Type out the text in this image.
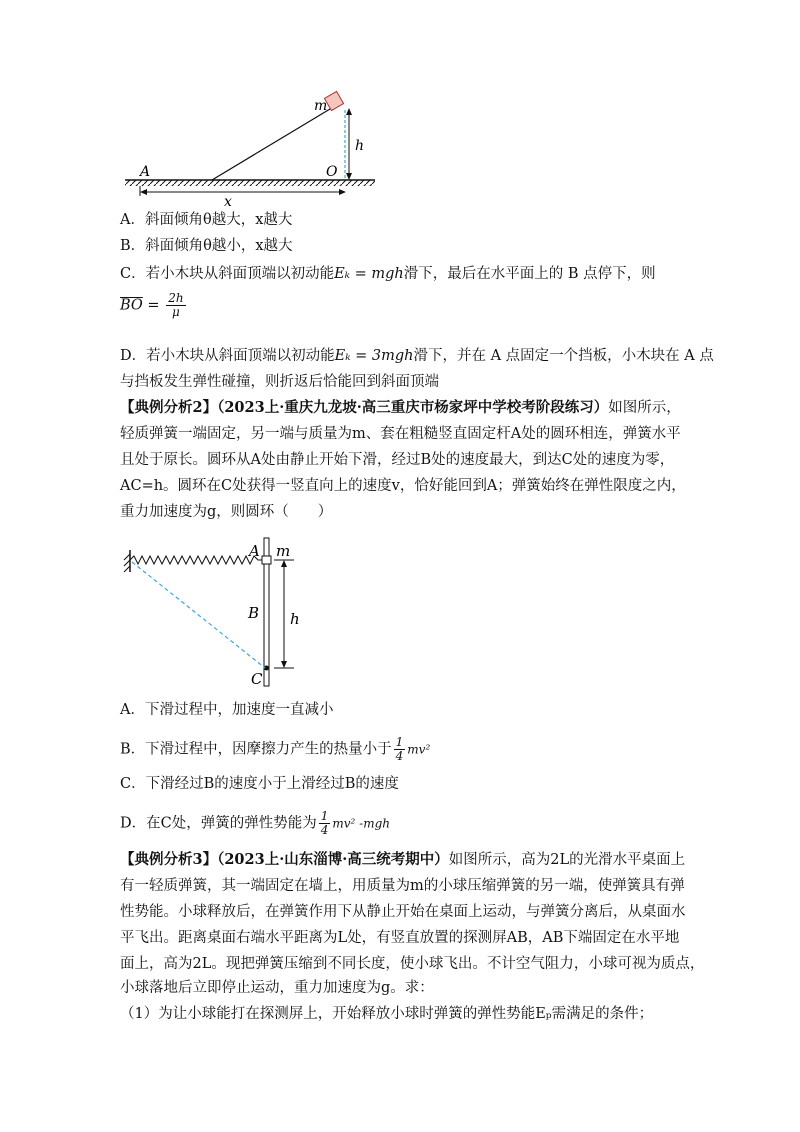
m
h
A	O
x
A．斜面倾角θ越大，x越大
B．斜面倾角θ越小，x越大
C．若小木块从斜面顶端以初动能Eₖ = mgh滑下，最后在水平面上的 B 点停下，则
$\overline{BO} = \frac{2h}{\mu}$
D．若小木块从斜面顶端以初动能Eₖ = 3mgh滑下，并在 A 点固定一个挡板，小木块在 A 点
与挡板发生弹性碰撞，则折返后恰能回到斜面顶端
【典例分析2】（2023上·重庆九龙坡·高三重庆市杨家坪中学校考阶段练习）如图所示，
轻质弹簧一端固定，另一端与质量为m、套在粗糙竖直固定杆A处的圆环相连，弹簧水平
且处于原长。圆环从A处由静止开始下滑，经过B处的速度最大，到达C处的速度为零，
AC=h。圆环在C处获得一竖直向上的速度v，恰好能回到A；弹簧始终在弹性限度之内，
重力加速度为g，则圆环（　　）
A m
B h
C
A．下滑过程中，加速度一直减小
B．下滑过程中，因摩擦力产生的热量小于 $\frac{1}{4} mv^2$
C．下滑经过B的速度小于上滑经过B的速度
D．在C处，弹簧的弹性势能为 $\frac{1}{4} mv^2$ -mgh
【典例分析3】（2023上·山东淄博·高三统考期中）如图所示，高为2L的光滑水平桌面上
有一轻质弹簧，其一端固定在墙上，用质量为m的小球压缩弹簧的另一端，使弹簧具有弹
性势能。小球释放后，在弹簧作用下从静止开始在桌面上运动，与弹簧分离后，从桌面水
平飞出。距离桌面右端水平距离为L处，有竖直放置的探测屏AB，AB下端固定在水平地
面上，高为2L。现把弹簧压缩到不同长度，使小球飞出。不计空气阻力，小球可视为质点，
小球落地后立即停止运动，重力加速度为g。求：
（1）为让小球能打在探测屏上，开始释放小球时弹簧的弹性势能Eₚ需满足的条件；
